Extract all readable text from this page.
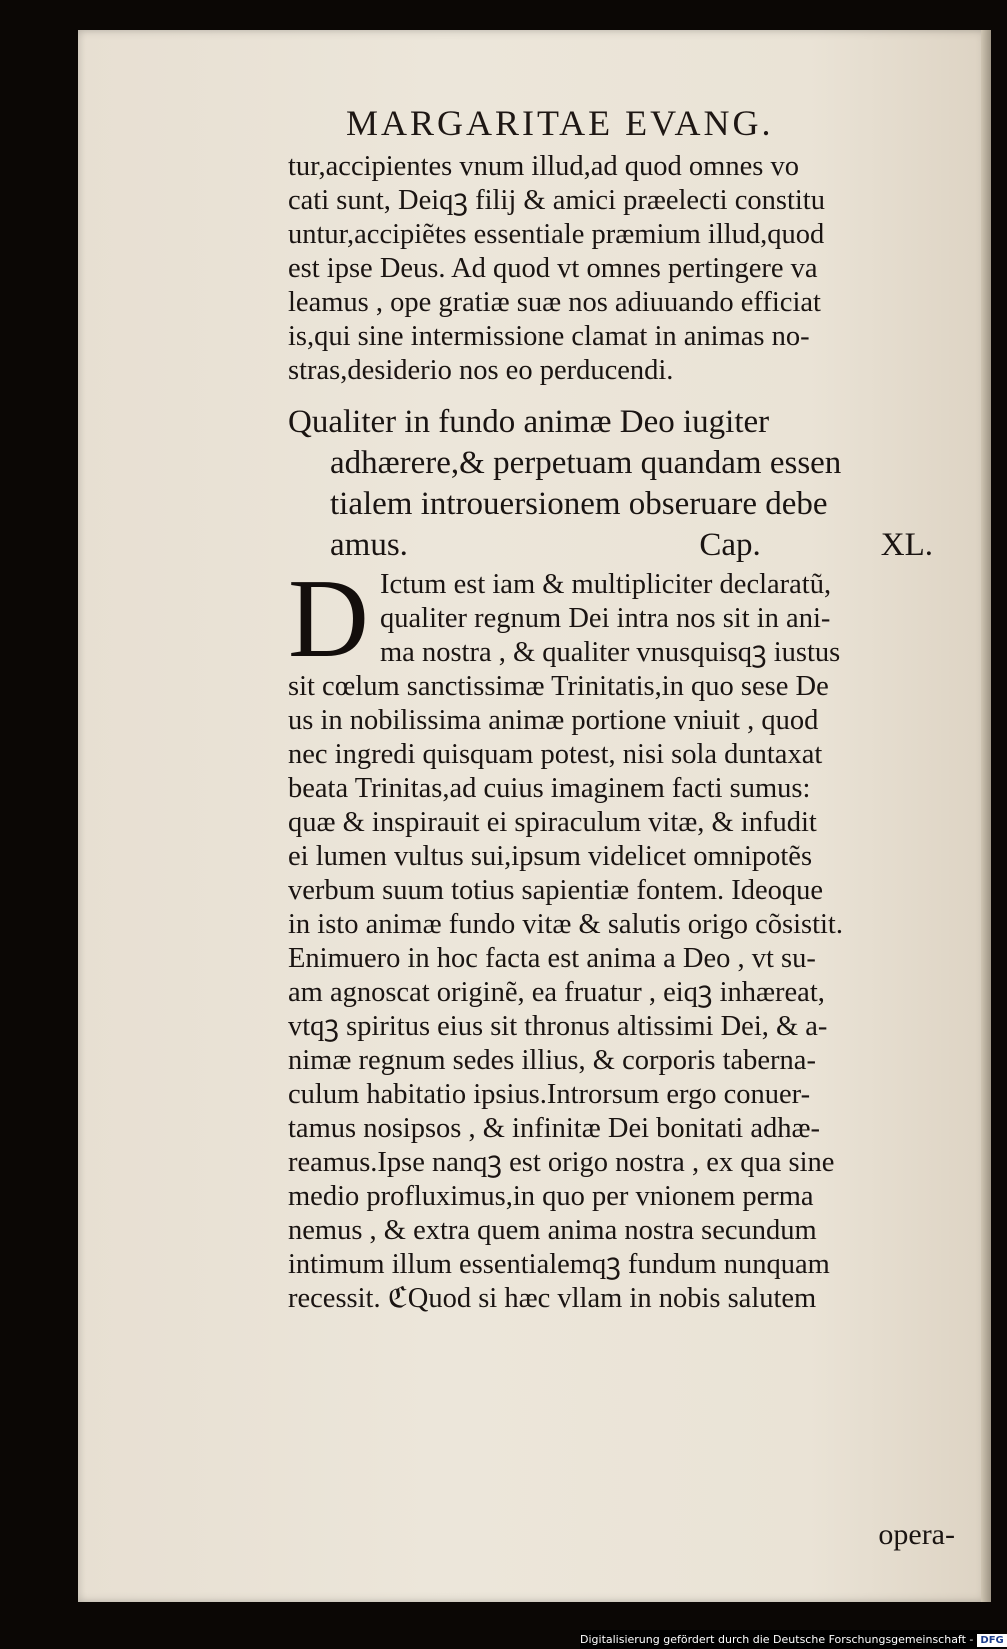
MARGARITAE EVANG.
tur,accipientes vnum illud,ad quod omnes vo
cati sunt, Deiqꝫ filij & amici præelecti constitu
untur,accipiẽtes essentiale præmium illud,quod
est ipse Deus. Ad quod vt omnes pertingere va
leamus , ope gratiæ suæ nos adiuuando efficiat
is,qui sine intermissione clamat in animas no-
stras,desiderio nos eo perducendi.
Qualiter in fundo animæ Deo iugiter
adhærere,& perpetuam quandam essen
tialem introuersionem obseruare debe
amus.	Cap.	XL.
D Ictum est iam & multipliciter declaratũ,
qualiter regnum Dei intra nos sit in ani-
ma nostra , & qualiter vnusquisqꝫ iustus
sit cœlum sanctissimæ Trinitatis,in quo sese De
us in nobilissima animæ portione vniuit , quod
nec ingredi quisquam potest, nisi sola duntaxat
beata Trinitas,ad cuius imaginem facti sumus:
quæ & inspirauit ei spiraculum vitæ, & infudit
ei lumen vultus sui,ipsum videlicet omnipotẽs
verbum suum totius sapientiæ fontem. Ideoque
in isto animæ fundo vitæ & salutis origo cõsistit.
Enimuero in hoc facta est anima a Deo , vt su-
am agnoscat originẽ, ea fruatur , eiqꝫ inhæreat,
vtqꝫ spiritus eius sit thronus altissimi Dei, & a-
nimæ regnum sedes illius, & corporis taberna-
culum habitatio ipsius.Introrsum ergo conuer-
tamus nosipsos , & infinitæ Dei bonitati adhæ-
reamus.Ipse nanqꝫ est origo nostra , ex qua sine
medio profluximus,in quo per vnionem perma
nemus , & extra quem anima nostra secundum
intimum illum essentialemqꝫ fundum nunquam
recessit. ℭQuod si hæc vllam in nobis salutem
opera-
Digitalisierung gefördert durch die Deutsche Forschungsgemeinschaft - DFG
